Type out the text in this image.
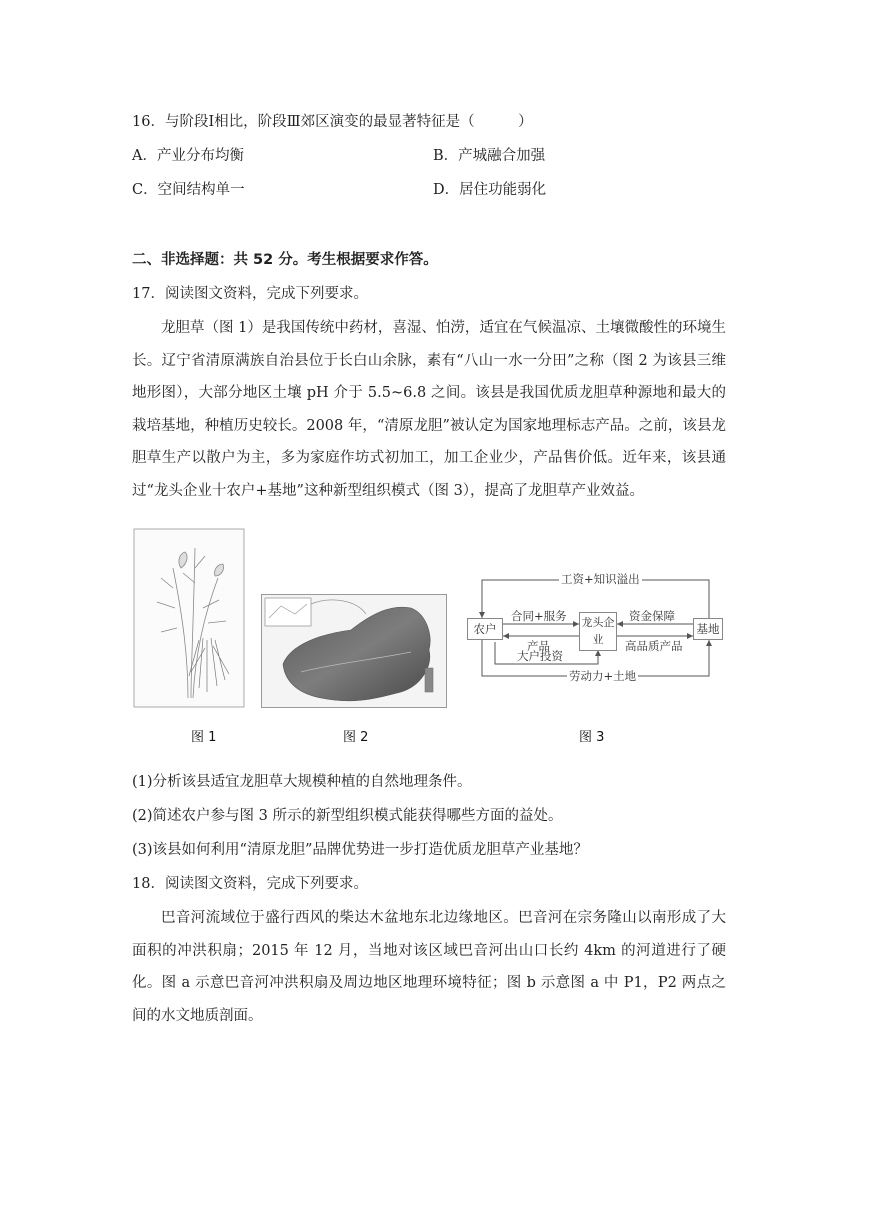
16．与阶段Ⅰ相比，阶段Ⅲ郊区演变的最显著特征是（　　　）
A．产业分布均衡	B．产城融合加强
C．空间结构单一	D．居住功能弱化
二、非选择题：共 52 分。考生根据要求作答。
17．阅读图文资料，完成下列要求。

龙胆草（图 1）是我国传统中药材，喜湿、怕涝，适宜在气候温凉、土壤微酸性的环境生长。辽宁省清原满族自治县位于长白山余脉，素有“八山一水一分田”之称（图 2 为该县三维地形图），大部分地区土壤 pH 介于 5.5~6.8 之间。该县是我国优质龙胆草种源地和最大的栽培基地，种植历史较长。2008 年，“清原龙胆”被认定为国家地理标志产品。之前，该县龙胆草生产以散户为主，多为家庭作坊式初加工，加工企业少，产品售价低。近年来，该县通过“龙头企业十农户+基地”这种新型组织模式（图 3），提高了龙胆草产业效益。

农户	龙头企业
基地
工资+知识溢出
合同+服务
产品
资金保障
高品质产品
大户投资
劳动力+土地
图 1	图 2	图 3
(1)分析该县适宜龙胆草大规模种植的自然地理条件。
(2)简述农户参与图 3 所示的新型组织模式能获得哪些方面的益处。
(3)该县如何利用“清原龙胆”品牌优势进一步打造优质龙胆草产业基地？
18．阅读图文资料，完成下列要求。

巴音河流域位于盛行西风的柴达木盆地东北边缘地区。巴音河在宗务隆山以南形成了大面积的冲洪积扇；2015 年 12 月，当地对该区域巴音河出山口长约 4km 的河道进行了硬化。图 a 示意巴音河冲洪积扇及周边地区地理环境特征；图 b 示意图 a 中 P1，P2 两点之间的水文地质剖面。
